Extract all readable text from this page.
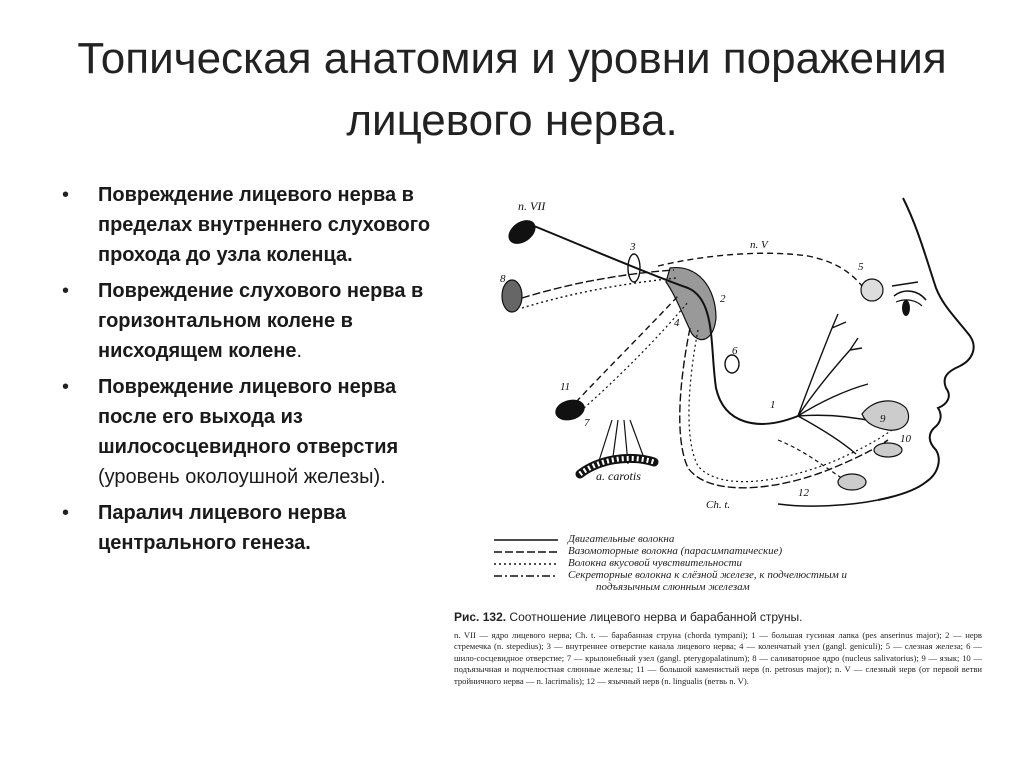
Топическая анатомия и уровни поражения лицевого нерва.
• Повреждение лицевого нерва в пределах внутреннего слухового прохода до узла коленца.
• Повреждение слухового нерва в горизонтальном колене в нисходящем колене.
• Повреждение лицевого нерва после его выхода из шилососцевидного отверстия (уровень околоушной железы).
• Паралич лицевого нерва центрального генеза.
n. VII
n. V
a. carotis
Ch. t.
1
2
3
4
5
6
7
8
9
10
11
12
Двигательные волокна
Вазомоторные волокна (парасимпатические)
Волокна вкусовой чувствительности
Секреторные волокна к слёзной железе, к подчелюстным и
подъязычным слюнным железам
Рис. 132. Соотношение лицевого нерва и барабанной струны.
n. VII — ядро лицевого нерва; Ch. t. — барабанная струна (chorda tympani); 1 — большая гусиная лапка (pes anserinus major); 2 — нерв стремечка (n. stepedius); 3 — внутреннее отверстие канала лицевого нерва; 4 — коленчатый узел (gangl. geniculi); 5 — слезная железа; 6 — шило-сосцевидное отверстие; 7 — крылонебный узел (gangl. pterygopalatinum); 8 — саливаторное ядро (nucleus salivatorius); 9 — язык; 10 — подъязычная и подчелюстная слюнные железы; 11 — большой каменистый нерв (n. petrosus major); n. V — слезный нерв (от первой ветви тройничного нерва — n. lacrimalis); 12 — язычный нерв (n. lingualis (ветвь n. V).
